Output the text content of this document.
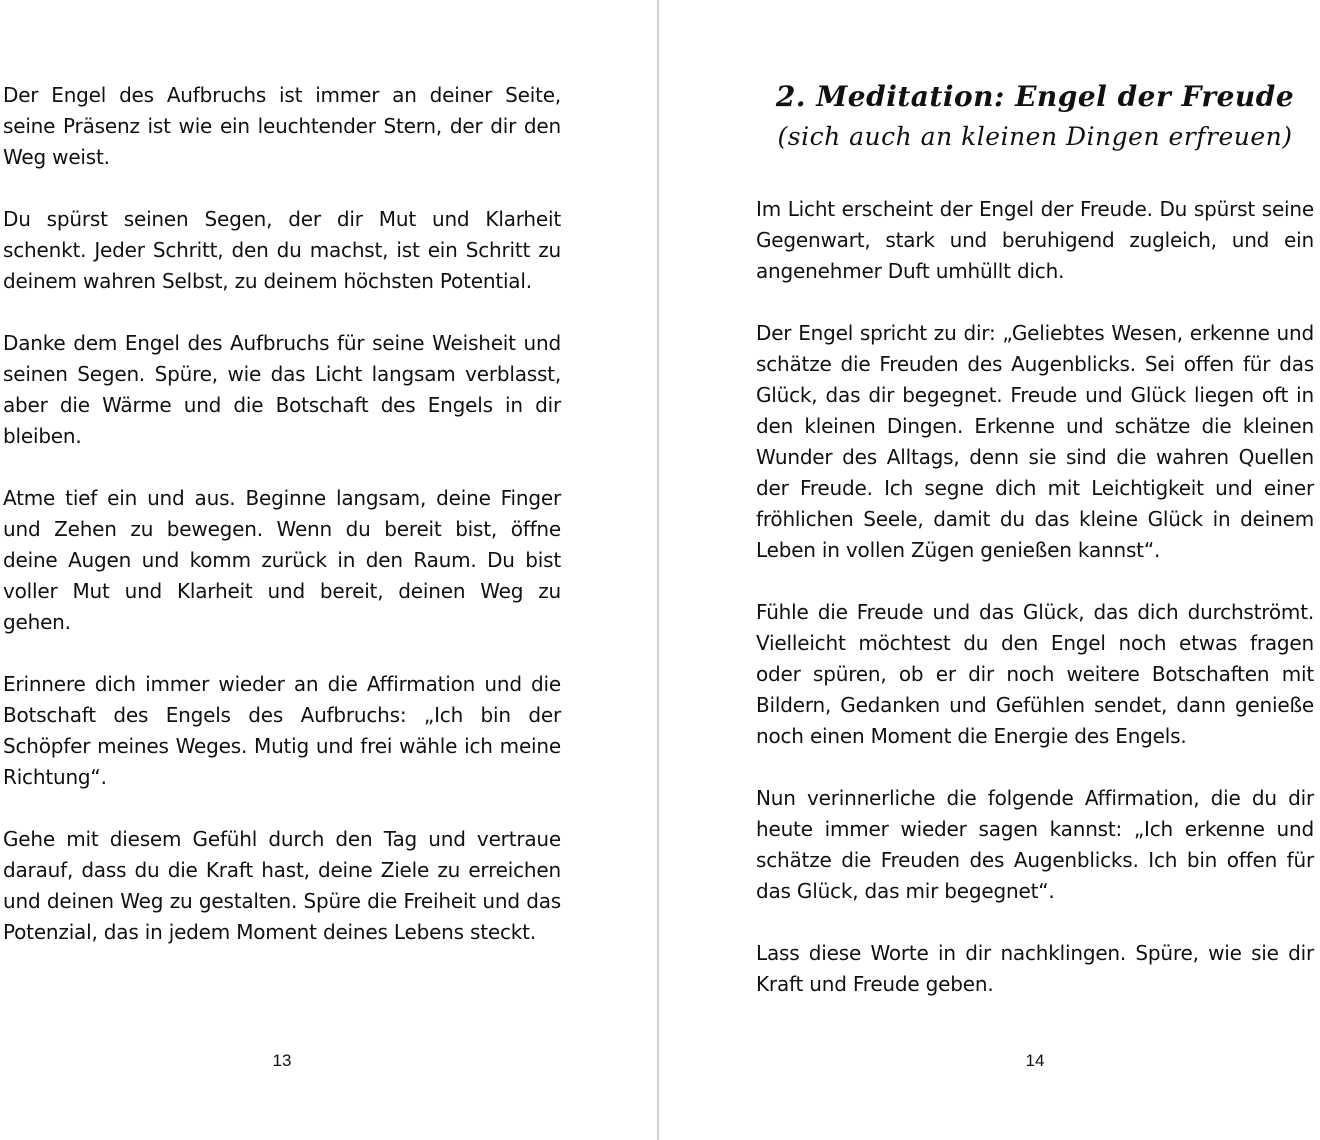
Der Engel des Aufbruchs ist immer an deiner Seite, seine Präsenz ist wie ein leuchtender Stern, der dir den Weg weist.

Du spürst seinen Segen, der dir Mut und Klarheit schenkt. Jeder Schritt, den du machst, ist ein Schritt zu deinem wahren Selbst, zu deinem höchsten Potential.

Danke dem Engel des Aufbruchs für seine Weisheit und seinen Segen. Spüre, wie das Licht langsam verblasst, aber die Wärme und die Botschaft des Engels in dir bleiben.

Atme tief ein und aus. Beginne langsam, deine Finger und Zehen zu bewegen. Wenn du bereit bist, öffne deine Augen und komm zurück in den Raum. Du bist voller Mut und Klarheit und bereit, deinen Weg zu gehen.

Erinnere dich immer wieder an die Affirmation und die Botschaft des Engels des Aufbruchs: „Ich bin der Schöpfer meines Weges. Mutig und frei wähle ich meine Richtung“.

Gehe mit diesem Gefühl durch den Tag und vertraue darauf, dass du die Kraft hast, deine Ziele zu erreichen und deinen Weg zu gestalten. Spüre die Freiheit und das Potenzial, das in jedem Moment deines Lebens steckt.

13
2. Meditation: Engel der Freude
(sich auch an kleinen Dingen erfreuen)

Im Licht erscheint der Engel der Freude. Du spürst seine Gegenwart, stark und beruhigend zugleich, und ein angenehmer Duft umhüllt dich.

Der Engel spricht zu dir: „Geliebtes Wesen, erkenne und schätze die Freuden des Augenblicks. Sei offen für das Glück, das dir begegnet. Freude und Glück liegen oft in den kleinen Dingen. Erkenne und schätze die kleinen Wunder des Alltags, denn sie sind die wahren Quellen der Freude. Ich segne dich mit Leichtigkeit und einer fröhlichen Seele, damit du das kleine Glück in deinem Leben in vollen Zügen genießen kannst“.

Fühle die Freude und das Glück, das dich durchströmt. Vielleicht möchtest du den Engel noch etwas fragen oder spüren, ob er dir noch weitere Botschaften mit Bildern, Gedanken und Gefühlen sendet, dann genieße noch einen Moment die Energie des Engels.

Nun verinnerliche die folgende Affirmation, die du dir heute immer wieder sagen kannst: „Ich erkenne und schätze die Freuden des Augenblicks. Ich bin offen für das Glück, das mir begegnet“.

Lass diese Worte in dir nachklingen. Spüre, wie sie dir Kraft und Freude geben.

14
